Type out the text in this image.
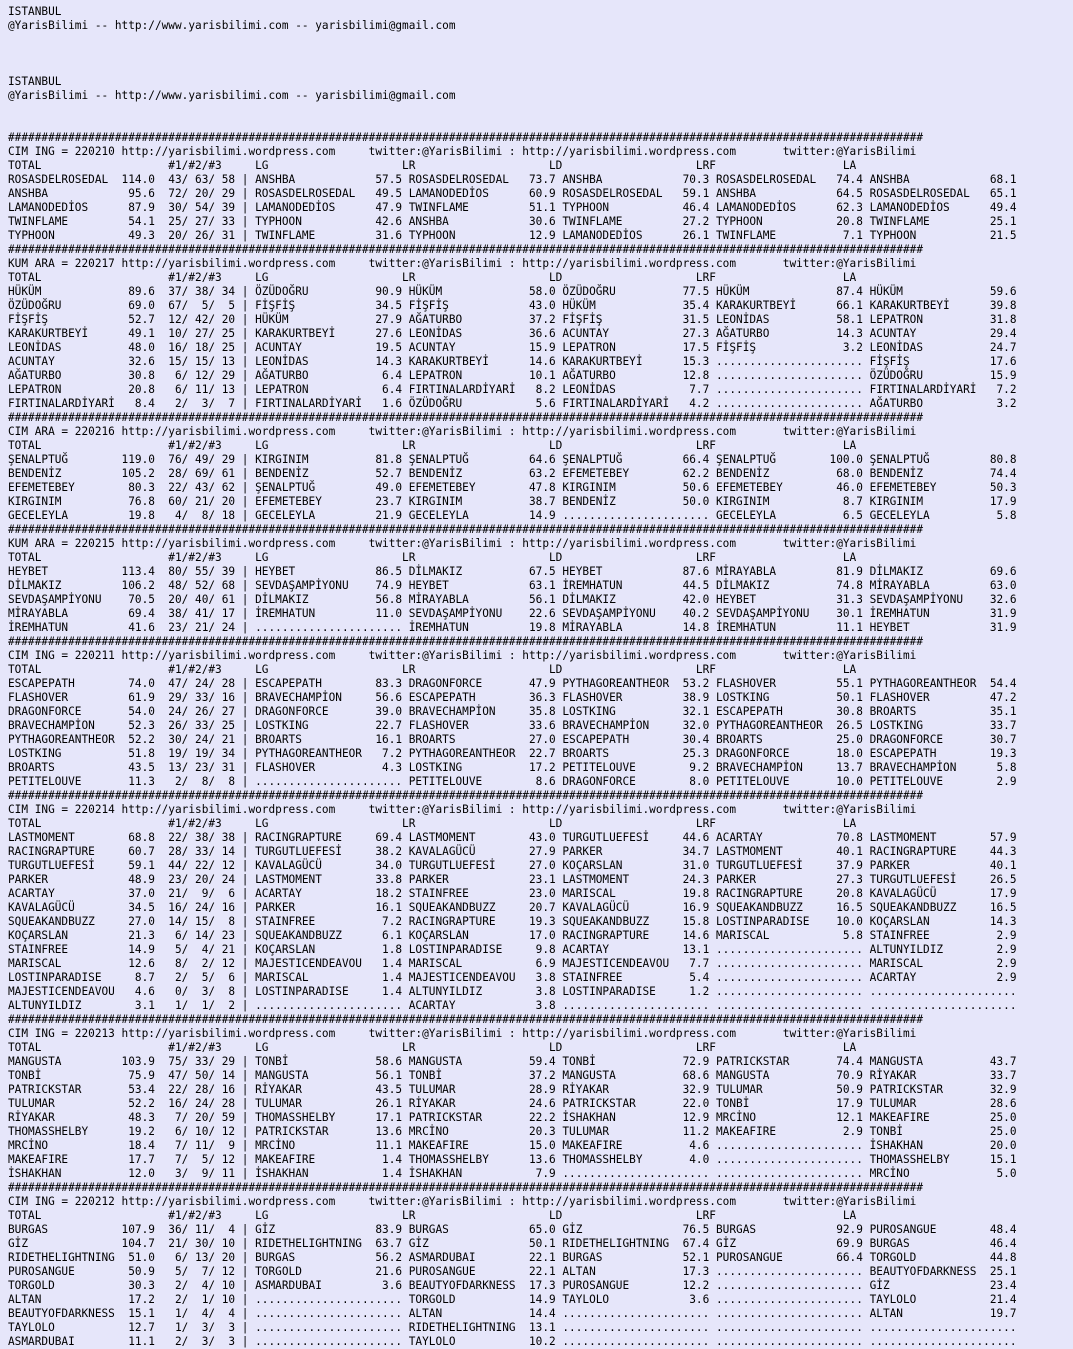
ISTANBUL
@YarisBilimi -- http://www.yarisbilimi.com -- yarisbilimi@gmail.com
ISTANBUL
@YarisBilimi -- http://www.yarisbilimi.com -- yarisbilimi@gmail.com
#########################################################################################################################################
CIM ING = 220210 http://yarisbilimi.wordpress.com     twitter:@YarisBilimi : http://yarisbilimi.wordpress.com       twitter:@YarisBilimi
TOTAL                   #1/#2/#3     LG                    LR                    LD                    LRF                   LA
ROSASDELROSEDAL  114.0  43/ 63/ 58 | ANSHBA            57.5 ROSASDELROSEDAL   73.7 ANSHBA            70.3 ROSASDELROSEDAL   74.4 ANSHBA            68.1
ANSHBA            95.6  72/ 20/ 29 | ROSASDELROSEDAL   49.5 LAMANODEDİOS      60.9 ROSASDELROSEDAL   59.1 ANSHBA            64.5 ROSASDELROSEDAL   65.1
LAMANODEDİOS      87.9  30/ 54/ 39 | LAMANODEDİOS      47.9 TWINFLAME         51.1 TYPHOON           46.4 LAMANODEDİOS      62.3 LAMANODEDİOS      49.4
TWINFLAME         54.1  25/ 27/ 33 | TYPHOON           42.6 ANSHBA            30.6 TWINFLAME         27.2 TYPHOON           20.8 TWINFLAME         25.1
TYPHOON           49.3  20/ 26/ 31 | TWINFLAME         31.6 TYPHOON           12.9 LAMANODEDİOS      26.1 TWINFLAME          7.1 TYPHOON           21.5
#########################################################################################################################################
KUM ARA = 220217 http://yarisbilimi.wordpress.com     twitter:@YarisBilimi : http://yarisbilimi.wordpress.com       twitter:@YarisBilimi
TOTAL                   #1/#2/#3     LG                    LR                    LD                    LRF                   LA
HÜKÜM             89.6  37/ 38/ 34 | ÖZÜDOĞRU          90.9 HÜKÜM             58.0 ÖZÜDOĞRU          77.5 HÜKÜM             87.4 HÜKÜM             59.6
ÖZÜDOĞRU          69.0  67/  5/  5 | FİŞFİŞ            34.5 FİŞFİŞ            43.0 HÜKÜM             35.4 KARAKURTBEYİ      66.1 KARAKURTBEYİ      39.8
FİŞFİŞ            52.7  12/ 42/ 20 | HÜKÜM             27.9 AĞATURBO          37.2 FİŞFİŞ            31.5 LEONİDAS          58.1 LEPATRON          31.8
KARAKURTBEYİ      49.1  10/ 27/ 25 | KARAKURTBEYİ      27.6 LEONİDAS          36.6 ACUNTAY           27.3 AĞATURBO          14.3 ACUNTAY           29.4
LEONİDAS          48.0  16/ 18/ 25 | ACUNTAY           19.5 ACUNTAY           15.9 LEPATRON          17.5 FİŞFİŞ             3.2 LEONİDAS          24.7
ACUNTAY           32.6  15/ 15/ 13 | LEONİDAS          14.3 KARAKURTBEYİ      14.6 KARAKURTBEYİ      15.3 ...................... FİŞFİŞ            17.6
AĞATURBO          30.8   6/ 12/ 29 | AĞATURBO           6.4 LEPATRON          10.1 AĞATURBO          12.8 ...................... ÖZÜDOĞRU          15.9
LEPATRON          20.8   6/ 11/ 13 | LEPATRON           6.4 FIRTINALARDİYARİ   8.2 LEONİDAS           7.7 ...................... FIRTINALARDİYARİ   7.2
FIRTINALARDİYARİ   8.4   2/  3/  7 | FIRTINALARDİYARİ   1.6 ÖZÜDOĞRU           5.6 FIRTINALARDİYARİ   4.2 ...................... AĞATURBO           3.2
#########################################################################################################################################
CIM ARA = 220216 http://yarisbilimi.wordpress.com     twitter:@YarisBilimi : http://yarisbilimi.wordpress.com       twitter:@YarisBilimi
TOTAL                   #1/#2/#3     LG                    LR                    LD                    LRF                   LA
ŞENALPTUĞ        119.0  76/ 49/ 29 | KIRGINIM          81.8 ŞENALPTUĞ         64.6 ŞENALPTUĞ         66.4 ŞENALPTUĞ        100.0 ŞENALPTUĞ         80.8
BENDENİZ         105.2  28/ 69/ 61 | BENDENİZ          52.7 BENDENİZ          63.2 EFEMETEBEY        62.2 BENDENİZ          68.0 BENDENİZ          74.4
EFEMETEBEY        80.3  22/ 43/ 62 | ŞENALPTUĞ         49.0 EFEMETEBEY        47.8 KIRGINIM          50.6 EFEMETEBEY        46.0 EFEMETEBEY        50.3
KIRGINIM          76.8  60/ 21/ 20 | EFEMETEBEY        23.7 KIRGINIM          38.7 BENDENİZ          50.0 KIRGINIM           8.7 KIRGINIM          17.9
GECELEYLA         19.8   4/  8/ 18 | GECELEYLA         21.9 GECELEYLA         14.9 ...................... GECELEYLA          6.5 GECELEYLA          5.8
#########################################################################################################################################
KUM ARA = 220215 http://yarisbilimi.wordpress.com     twitter:@YarisBilimi : http://yarisbilimi.wordpress.com       twitter:@YarisBilimi
TOTAL                   #1/#2/#3     LG                    LR                    LD                    LRF                   LA
HEYBET           113.4  80/ 55/ 39 | HEYBET            86.5 DİLMAKIZ          67.5 HEYBET            87.6 MİRAYABLA         81.9 DİLMAKIZ          69.6
DİLMAKIZ         106.2  48/ 52/ 68 | SEVDAŞAMPİYONU    74.9 HEYBET            63.1 İREMHATUN         44.5 DİLMAKIZ          74.8 MİRAYABLA         63.0
SEVDAŞAMPİYONU    70.5  20/ 40/ 61 | DİLMAKIZ          56.8 MİRAYABLA         56.1 DİLMAKIZ          42.0 HEYBET            31.3 SEVDAŞAMPİYONU    32.6
MİRAYABLA         69.4  38/ 41/ 17 | İREMHATUN         11.0 SEVDAŞAMPİYONU    22.6 SEVDAŞAMPİYONU    40.2 SEVDAŞAMPİYONU    30.1 İREMHATUN         31.9
İREMHATUN         41.6  23/ 21/ 24 | ...................... İREMHATUN         19.8 MİRAYABLA         14.8 İREMHATUN         11.1 HEYBET            31.9
#########################################################################################################################################
CIM ING = 220211 http://yarisbilimi.wordpress.com     twitter:@YarisBilimi : http://yarisbilimi.wordpress.com       twitter:@YarisBilimi
TOTAL                   #1/#2/#3     LG                    LR                    LD                    LRF                   LA
ESCAPEPATH        74.0  47/ 24/ 28 | ESCAPEPATH        83.3 DRAGONFORCE       47.9 PYTHAGOREANTHEOR  53.2 FLASHOVER         55.1 PYTHAGOREANTHEOR  54.4
FLASHOVER         61.9  29/ 33/ 16 | BRAVECHAMPİON     56.6 ESCAPEPATH        36.3 FLASHOVER         38.9 LOSTKING          50.1 FLASHOVER         47.2
DRAGONFORCE       54.0  24/ 26/ 27 | DRAGONFORCE       39.0 BRAVECHAMPİON     35.8 LOSTKING          32.1 ESCAPEPATH        30.8 BROARTS           35.1
BRAVECHAMPİON     52.3  26/ 33/ 25 | LOSTKING          22.7 FLASHOVER         33.6 BRAVECHAMPİON     32.0 PYTHAGOREANTHEOR  26.5 LOSTKING          33.7
PYTHAGOREANTHEOR  52.2  30/ 24/ 21 | BROARTS           16.1 BROARTS           27.0 ESCAPEPATH        30.4 BROARTS           25.0 DRAGONFORCE       30.7
LOSTKING          51.8  19/ 19/ 34 | PYTHAGOREANTHEOR   7.2 PYTHAGOREANTHEOR  22.7 BROARTS           25.3 DRAGONFORCE       18.0 ESCAPEPATH        19.3
BROARTS           43.5  13/ 23/ 31 | FLASHOVER          4.3 LOSTKING          17.2 PETITELOUVE        9.2 BRAVECHAMPİON     13.7 BRAVECHAMPİON      5.8
PETITELOUVE       11.3   2/  8/  8 | ...................... PETITELOUVE        8.6 DRAGONFORCE        8.0 PETITELOUVE       10.0 PETITELOUVE        2.9
#########################################################################################################################################
CIM ING = 220214 http://yarisbilimi.wordpress.com     twitter:@YarisBilimi : http://yarisbilimi.wordpress.com       twitter:@YarisBilimi
TOTAL                   #1/#2/#3     LG                    LR                    LD                    LRF                   LA
LASTMOMENT        68.8  22/ 38/ 38 | RACINGRAPTURE     69.4 LASTMOMENT        43.0 TURGUTLUEFESİ     44.6 ACARTAY           70.8 LASTMOMENT        57.9
RACINGRAPTURE     60.7  28/ 33/ 14 | TURGUTLUEFESİ     38.2 KAVALAGÜCÜ        27.9 PARKER            34.7 LASTMOMENT        40.1 RACINGRAPTURE     44.3
TURGUTLUEFESİ     59.1  44/ 22/ 12 | KAVALAGÜCÜ        34.0 TURGUTLUEFESİ     27.0 KOÇARSLAN         31.0 TURGUTLUEFESİ     37.9 PARKER            40.1
PARKER            48.9  23/ 20/ 24 | LASTMOMENT        33.8 PARKER            23.1 LASTMOMENT        24.3 PARKER            27.3 TURGUTLUEFESİ     26.5
ACARTAY           37.0  21/  9/  6 | ACARTAY           18.2 STAINFREE         23.0 MARISCAL          19.8 RACINGRAPTURE     20.8 KAVALAGÜCÜ        17.9
KAVALAGÜCÜ        34.5  16/ 24/ 16 | PARKER            16.1 SQUEAKANDBUZZ     20.7 KAVALAGÜCÜ        16.9 SQUEAKANDBUZZ     16.5 SQUEAKANDBUZZ     16.5
SQUEAKANDBUZZ     27.0  14/ 15/  8 | STAINFREE          7.2 RACINGRAPTURE     19.3 SQUEAKANDBUZZ     15.8 LOSTINPARADISE    10.0 KOÇARSLAN         14.3
KOÇARSLAN         21.3   6/ 14/ 23 | SQUEAKANDBUZZ      6.1 KOÇARSLAN         17.0 RACINGRAPTURE     14.6 MARISCAL           5.8 STAINFREE          2.9
STAINFREE         14.9   5/  4/ 21 | KOÇARSLAN          1.8 LOSTINPARADISE     9.8 ACARTAY           13.1 ...................... ALTUNYILDIZ        2.9
MARISCAL          12.6   8/  2/ 12 | MAJESTICENDEAVOU   1.4 MARISCAL           6.9 MAJESTICENDEAVOU   7.7 ...................... MARISCAL           2.9
LOSTINPARADISE     8.7   2/  5/  6 | MARISCAL           1.4 MAJESTICENDEAVOU   3.8 STAINFREE          5.4 ...................... ACARTAY            2.9
MAJESTICENDEAVOU   4.6   0/  3/  8 | LOSTINPARADISE     1.4 ALTUNYILDIZ        3.8 LOSTINPARADISE     1.2 ...................... ......................
ALTUNYILDIZ        3.1   1/  1/  2 | ...................... ACARTAY            3.8 ...................... ...................... ......................
#########################################################################################################################################
CIM ING = 220213 http://yarisbilimi.wordpress.com     twitter:@YarisBilimi : http://yarisbilimi.wordpress.com       twitter:@YarisBilimi
TOTAL                   #1/#2/#3     LG                    LR                    LD                    LRF                   LA
MANGUSTA         103.9  75/ 33/ 29 | TONBİ             58.6 MANGUSTA          59.4 TONBİ             72.9 PATRICKSTAR       74.4 MANGUSTA          43.7
TONBİ             75.9  47/ 50/ 14 | MANGUSTA          56.1 TONBİ             37.2 MANGUSTA          68.6 MANGUSTA          70.9 RİYAKAR           33.7
PATRICKSTAR       53.4  22/ 28/ 16 | RİYAKAR           43.5 TULUMAR           28.9 RİYAKAR           32.9 TULUMAR           50.9 PATRICKSTAR       32.9
TULUMAR           52.2  16/ 24/ 28 | TULUMAR           26.1 RİYAKAR           24.6 PATRICKSTAR       22.0 TONBİ             17.9 TULUMAR           28.6
RİYAKAR           48.3   7/ 20/ 59 | THOMASSHELBY      17.1 PATRICKSTAR       22.2 İSHAKHAN          12.9 MRCİNO            12.1 MAKEAFIRE         25.0
THOMASSHELBY      19.2   6/ 10/ 12 | PATRICKSTAR       13.6 MRCİNO            20.3 TULUMAR           11.2 MAKEAFIRE          2.9 TONBİ             25.0
MRCİNO            18.4   7/ 11/  9 | MRCİNO            11.1 MAKEAFIRE         15.0 MAKEAFIRE          4.6 ...................... İSHAKHAN          20.0
MAKEAFIRE         17.7   7/  5/ 12 | MAKEAFIRE          1.4 THOMASSHELBY      13.6 THOMASSHELBY       4.0 ...................... THOMASSHELBY      15.1
İSHAKHAN          12.0   3/  9/ 11 | İSHAKHAN           1.4 İSHAKHAN           7.9 ...................... ...................... MRCİNO             5.0
#########################################################################################################################################
CIM ING = 220212 http://yarisbilimi.wordpress.com     twitter:@YarisBilimi : http://yarisbilimi.wordpress.com       twitter:@YarisBilimi
TOTAL                   #1/#2/#3     LG                    LR                    LD                    LRF                   LA
BURGAS           107.9  36/ 11/  4 | GİZ               83.9 BURGAS            65.0 GİZ               76.5 BURGAS            92.9 PUROSANGUE        48.4
GİZ              104.7  21/ 30/ 10 | RIDETHELIGHTNING  63.7 GİZ               50.1 RIDETHELIGHTNING  67.4 GİZ               69.9 BURGAS            46.4
RIDETHELIGHTNING  51.0   6/ 13/ 20 | BURGAS            56.2 ASMARDUBAI        22.1 BURGAS            52.1 PUROSANGUE        66.4 TORGOLD           44.8
PUROSANGUE        50.9   5/  7/ 12 | TORGOLD           21.6 PUROSANGUE        22.1 ALTAN             17.3 ...................... BEAUTYOFDARKNESS  25.1
TORGOLD           30.3   2/  4/ 10 | ASMARDUBAI         3.6 BEAUTYOFDARKNESS  17.3 PUROSANGUE        12.2 ...................... GİZ               23.4
ALTAN             17.2   2/  1/ 10 | ...................... TORGOLD           14.9 TAYLOLO            3.6 ...................... TAYLOLO           21.4
BEAUTYOFDARKNESS  15.1   1/  4/  4 | ...................... ALTAN             14.4 ...................... ...................... ALTAN             19.7
TAYLOLO           12.7   1/  3/  3 | ...................... RIDETHELIGHTNING  13.1 ...................... ...................... ......................
ASMARDUBAI        11.1   2/  3/  3 | ...................... TAYLOLO           10.2 ...................... ...................... ......................
